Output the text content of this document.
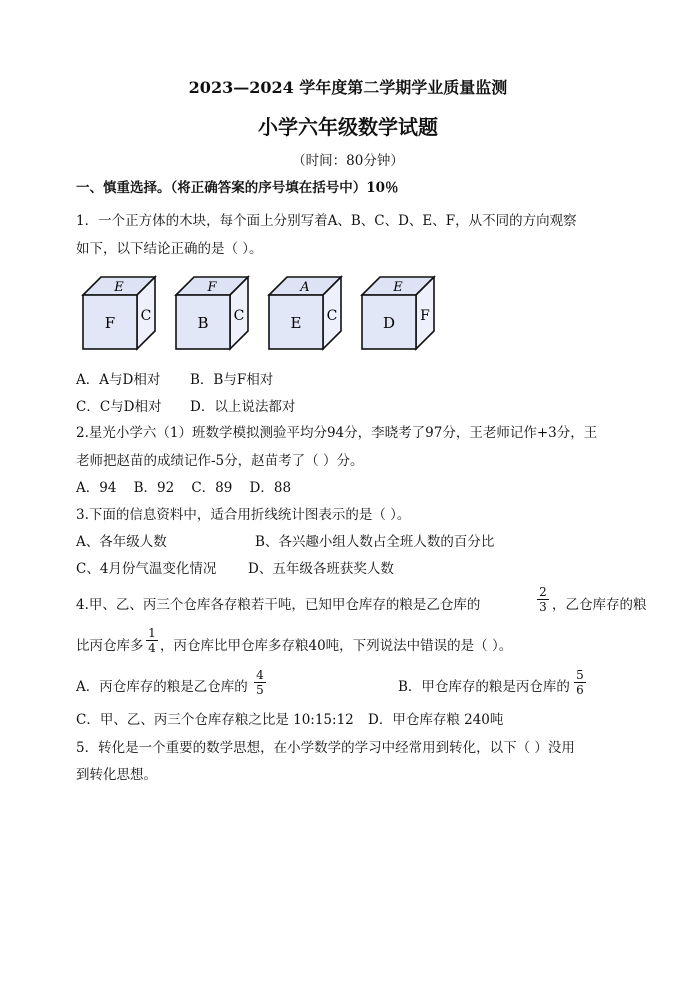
2023—2024 学年度第二学期学业质量监测
小学六年级数学试题
（时间：80分钟）
一、慎重选择。（将正确答案的序号填在括号中）10％
1．一个正方体的木块，每个面上分别写着A、B、C、D、E、F，从不同的方向观察
如下，以下结论正确的是（ ）。
E
F C
F
B C
A
E C
E
D F
A．A与D相对 B．B与F相对
C．C与D相对 D．以上说法都对
2.星光小学六（1）班数学模拟测验平均分94分，李晓考了97分，王老师记作+3分，王
老师把赵苗的成绩记作-5分，赵苗考了（ ）分。
A．94    B．92    C．89    D．88
3.下面的信息资料中，适合用折线统计图表示的是（ ）。
A、各年级人数	B、各兴趣小组人数占全班人数的百分比
C、4月份气温变化情况 D、五年级各班获奖人数
4.甲、乙、丙三个仓库各存粮若干吨，已知甲仓库存的粮是乙仓库的	$\frac{2}{3}$ ，乙仓库存的粮
比丙仓库多 $\frac{1}{4}$ ，丙仓库比甲仓库多存粮40吨，下列说法中错误的是（ ）。
A．丙仓库存的粮是乙仓库的 $\frac{4}{5}$	B．甲仓库存的粮是丙仓库的 $\frac{5}{6}$
C．甲、乙、丙三个仓库存粮之比是 10:15:12 D．甲仓库存粮 240吨
5．转化是一个重要的数学思想，在小学数学的学习中经常用到转化，以下（ ）没用
到转化思想。
